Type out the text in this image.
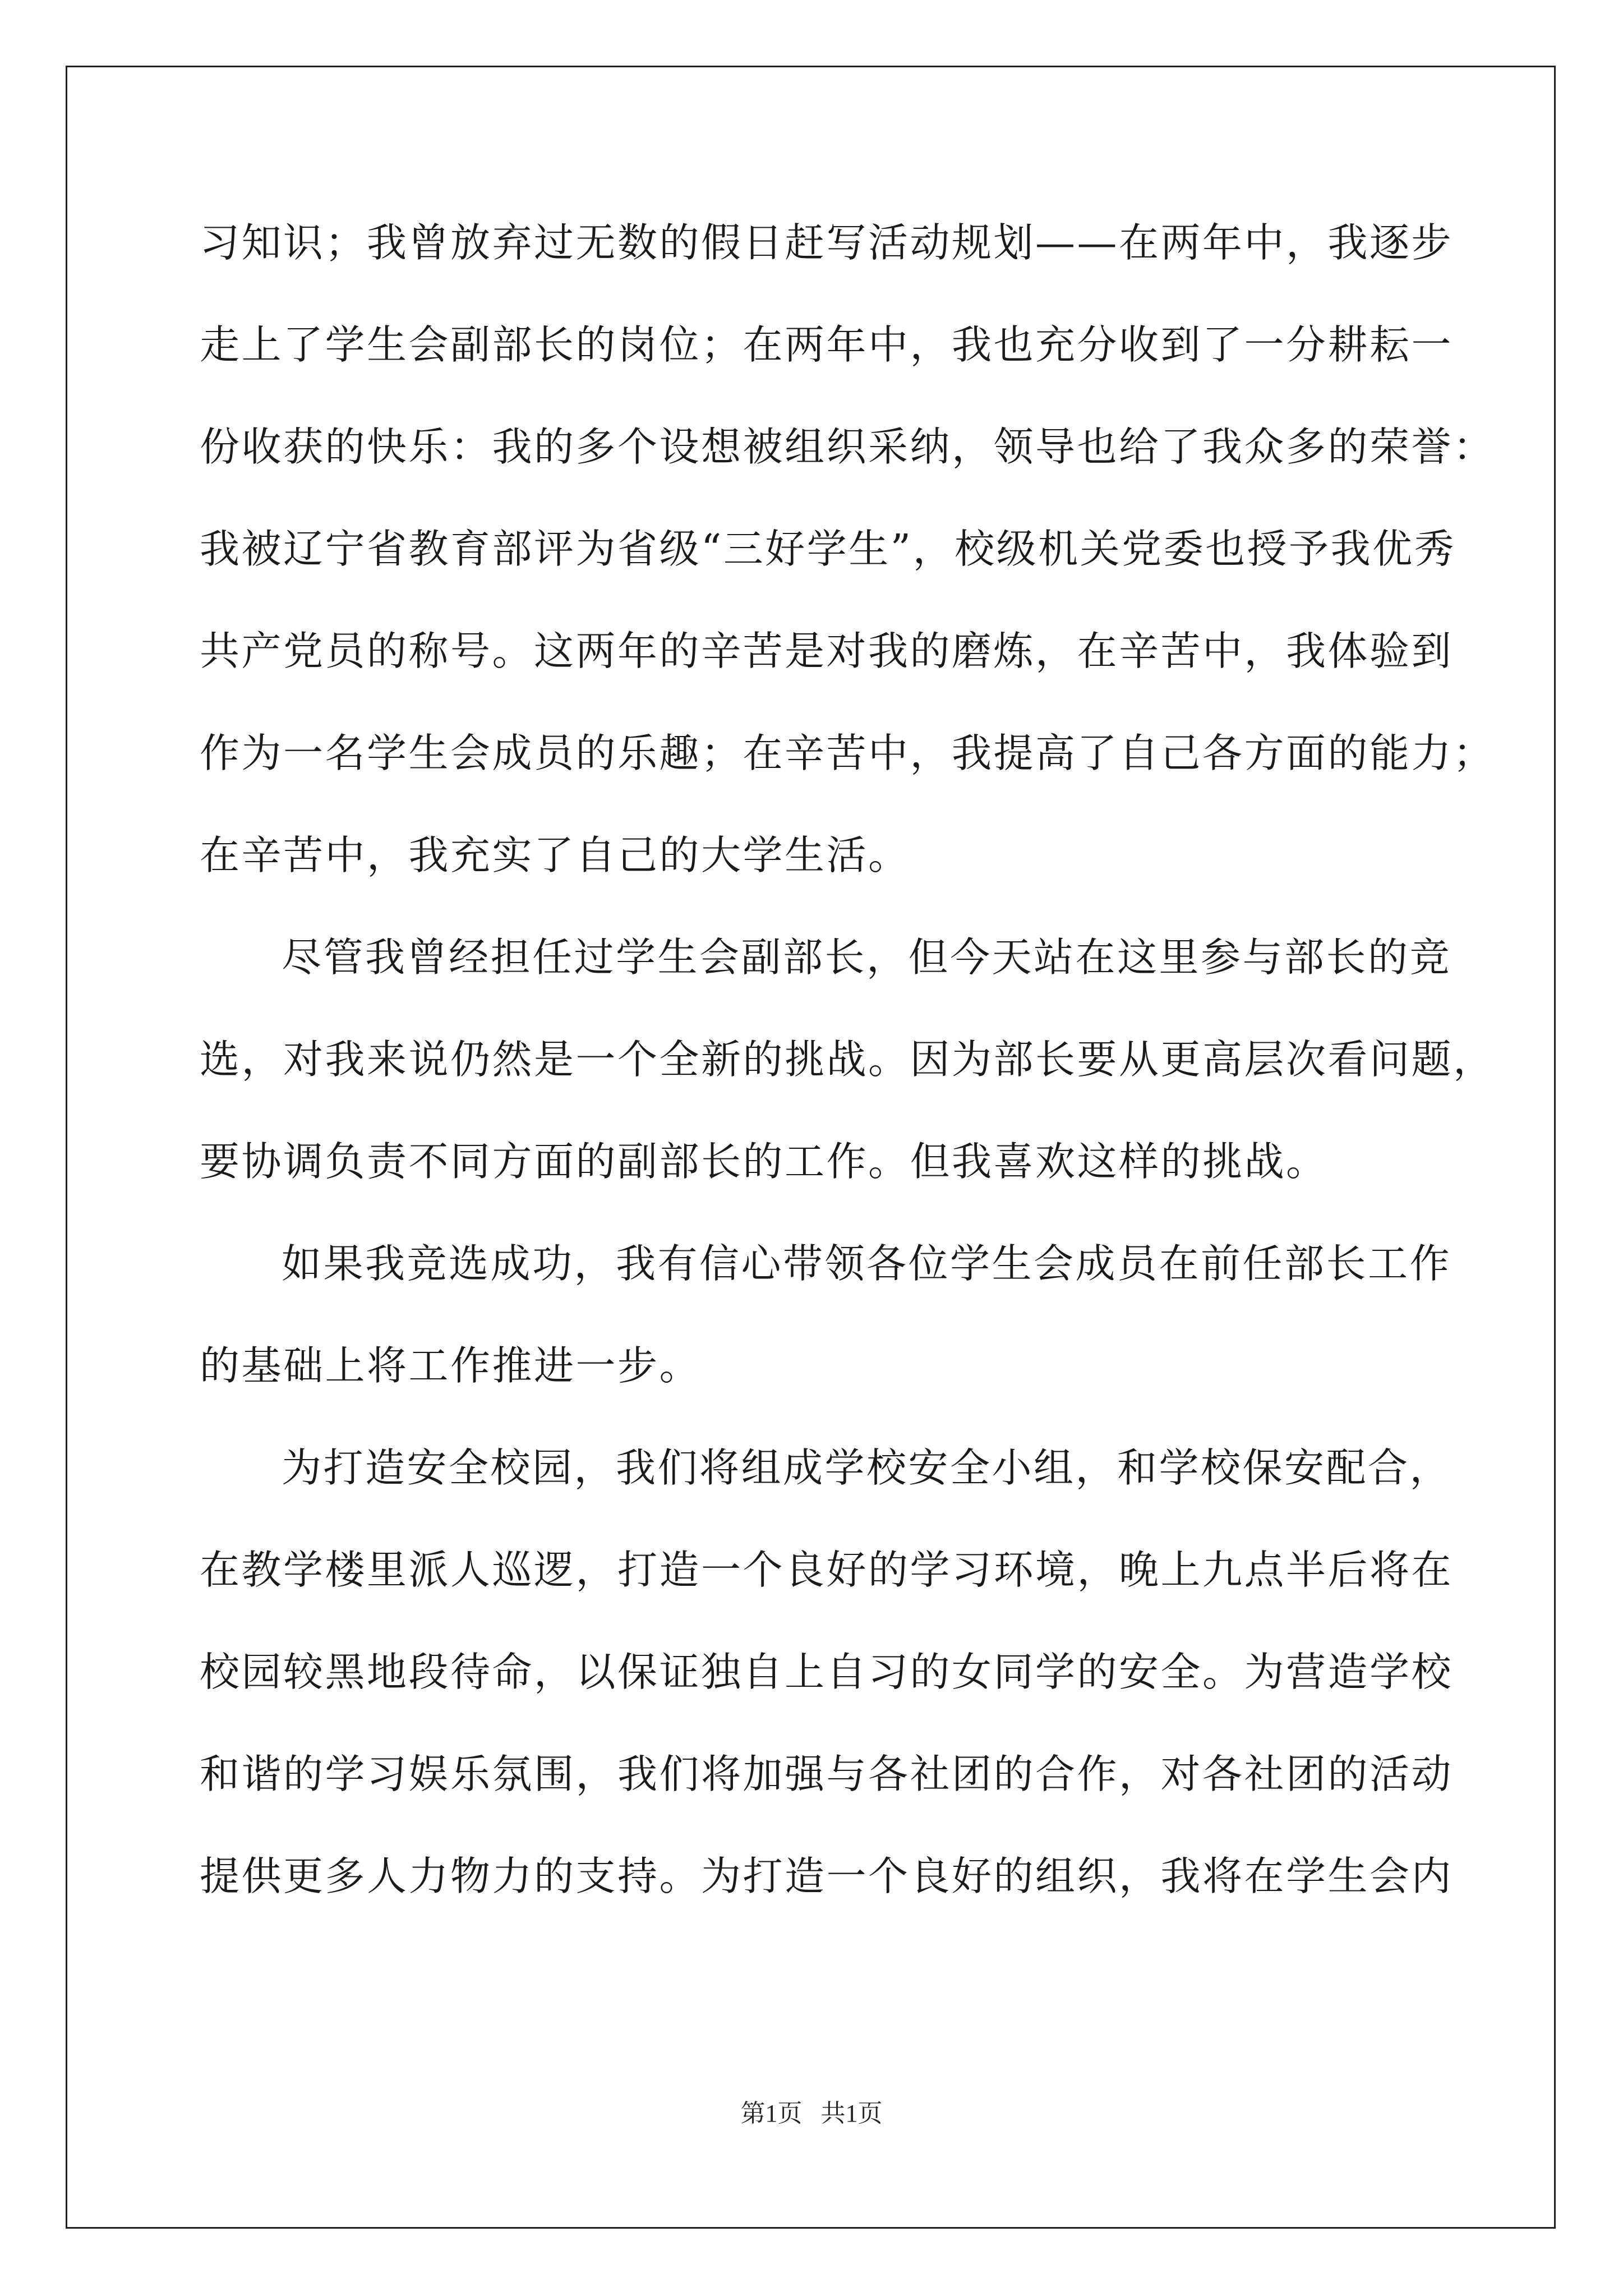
习知识；我曾放弃过无数的假日赶写活动规划——在两年中，我逐步
走上了学生会副部长的岗位；在两年中，我也充分收到了一分耕耘一
份收获的快乐：我的多个设想被组织采纳，领导也给了我众多的荣誉：
我被辽宁省教育部评为省级“三好学生”，校级机关党委也授予我优秀
共产党员的称号。这两年的辛苦是对我的磨炼，在辛苦中，我体验到
作为一名学生会成员的乐趣；在辛苦中，我提高了自己各方面的能力；
在辛苦中，我充实了自己的大学生活。
尽管我曾经担任过学生会副部长，但今天站在这里参与部长的竞
选，对我来说仍然是一个全新的挑战。因为部长要从更高层次看问题，
要协调负责不同方面的副部长的工作。但我喜欢这样的挑战。
如果我竞选成功，我有信心带领各位学生会成员在前任部长工作
的基础上将工作推进一步。
为打造安全校园，我们将组成学校安全小组，和学校保安配合，
在教学楼里派人巡逻，打造一个良好的学习环境，晚上九点半后将在
校园较黑地段待命，以保证独自上自习的女同学的安全。为营造学校
和谐的学习娱乐氛围，我们将加强与各社团的合作，对各社团的活动
提供更多人力物力的支持。为打造一个良好的组织，我将在学生会内
第1页   共1页
